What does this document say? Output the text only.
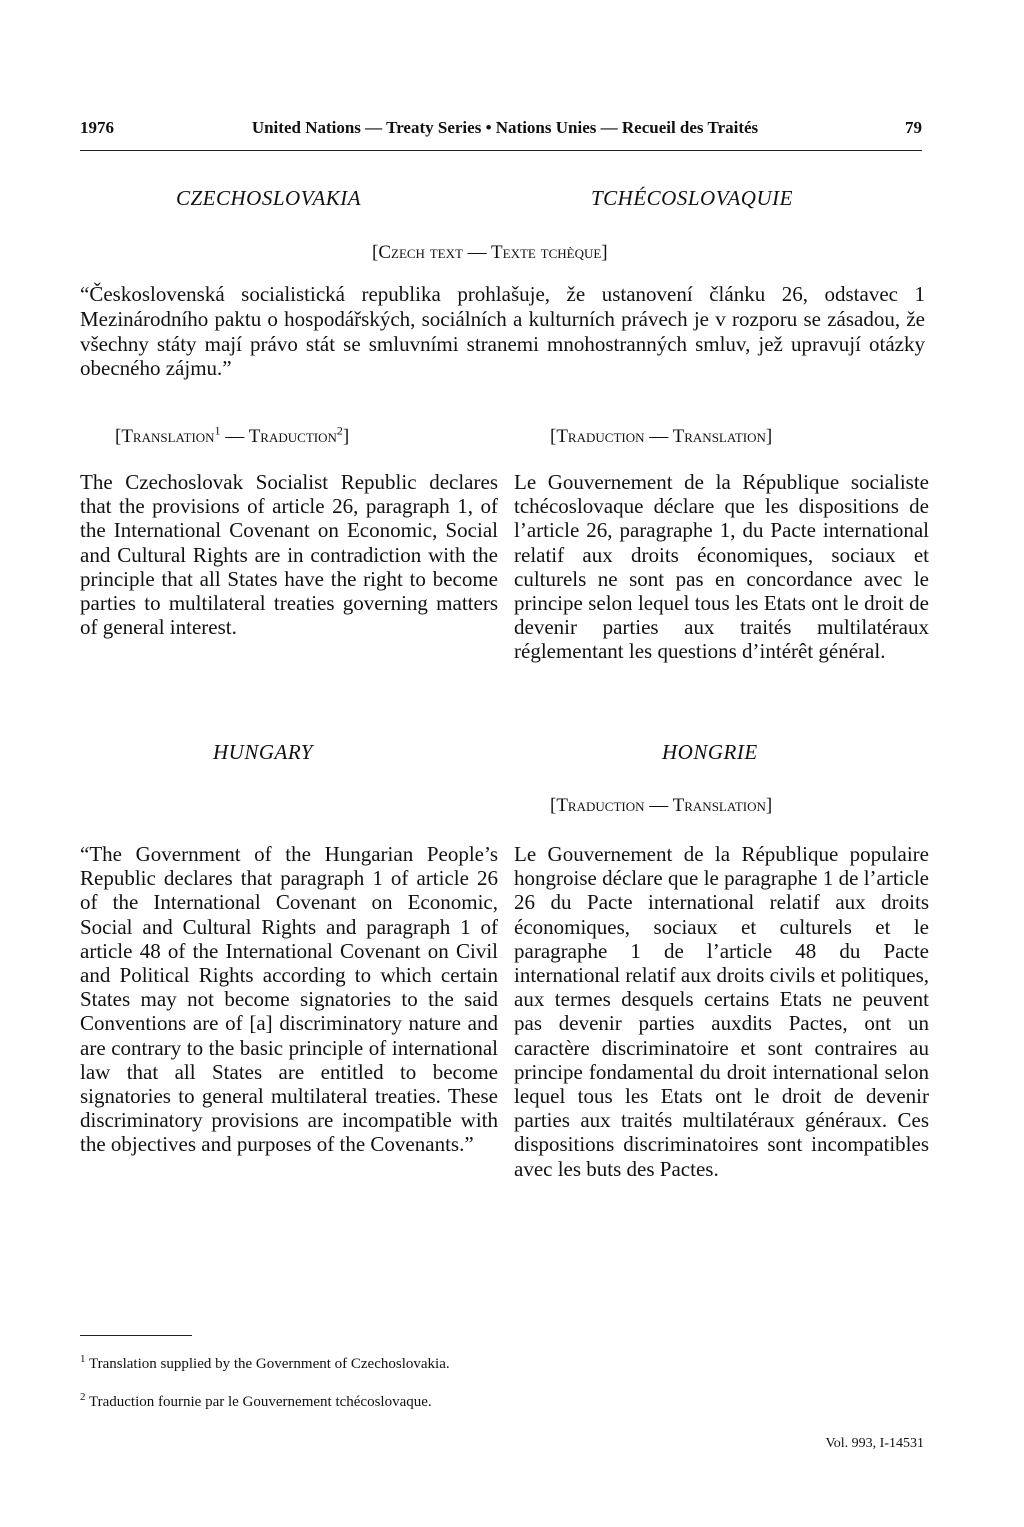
1976	United Nations — Treaty Series • Nations Unies — Recueil des Traités	79
CZECHOSLOVAKIA	TCHÉCOSLOVAQUIE
[Czech text — Texte tchèque]
“Československá socialistická republika prohlašuje, že ustanovení článku 26, odstavec 1 Mezinárodního paktu o hospodářských, sociálních a kulturních právech je v rozporu se zásadou, že všechny státy mají právo stát se smluvními stranemi mnohostranných smluv, jež upravují otázky obecného zájmu.”
[Translation$^1$ — Traduction$^2$]	[Traduction — Translation]
The Czechoslovak Socialist Republic declares that the provisions of article 26, paragraph 1, of the International Covenant on Economic, Social and Cultural Rights are in contradiction with the principle that all States have the right to become parties to multilateral treaties governing matters of general interest.
Le Gouvernement de la République socialiste tchécoslovaque déclare que les dispositions de l’article 26, paragraphe 1, du Pacte international relatif aux droits économiques, sociaux et culturels ne sont pas en concordance avec le principe selon lequel tous les Etats ont le droit de devenir parties aux traités multilatéraux réglementant les questions d’intérêt général.
HUNGARY	HONGRIE
[Traduction — Translation]
“The Government of the Hungarian People’s Republic declares that paragraph 1 of article 26 of the International Covenant on Economic, Social and Cultural Rights and paragraph 1 of article 48 of the International Covenant on Civil and Political Rights according to which certain States may not become signatories to the said Conventions are of [a] discriminatory nature and are contrary to the basic principle of international law that all States are entitled to become signatories to general multilateral treaties. These discriminatory provisions are incompatible with the objectives and purposes of the Covenants.”
Le Gouvernement de la République populaire hongroise déclare que le paragraphe 1 de l’article 26 du Pacte international relatif aux droits économiques, sociaux et culturels et le paragraphe 1 de l’article 48 du Pacte international relatif aux droits civils et politiques, aux termes desquels certains Etats ne peuvent pas devenir parties auxdits Pactes, ont un caractère discriminatoire et sont contraires au principe fondamental du droit international selon lequel tous les Etats ont le droit de devenir parties aux traités multilatéraux généraux. Ces dispositions discriminatoires sont incompatibles avec les buts des Pactes.
$^1$ Translation supplied by the Government of Czechoslovakia.
$^2$ Traduction fournie par le Gouvernement tchécoslovaque.
Vol. 993, I-14531
